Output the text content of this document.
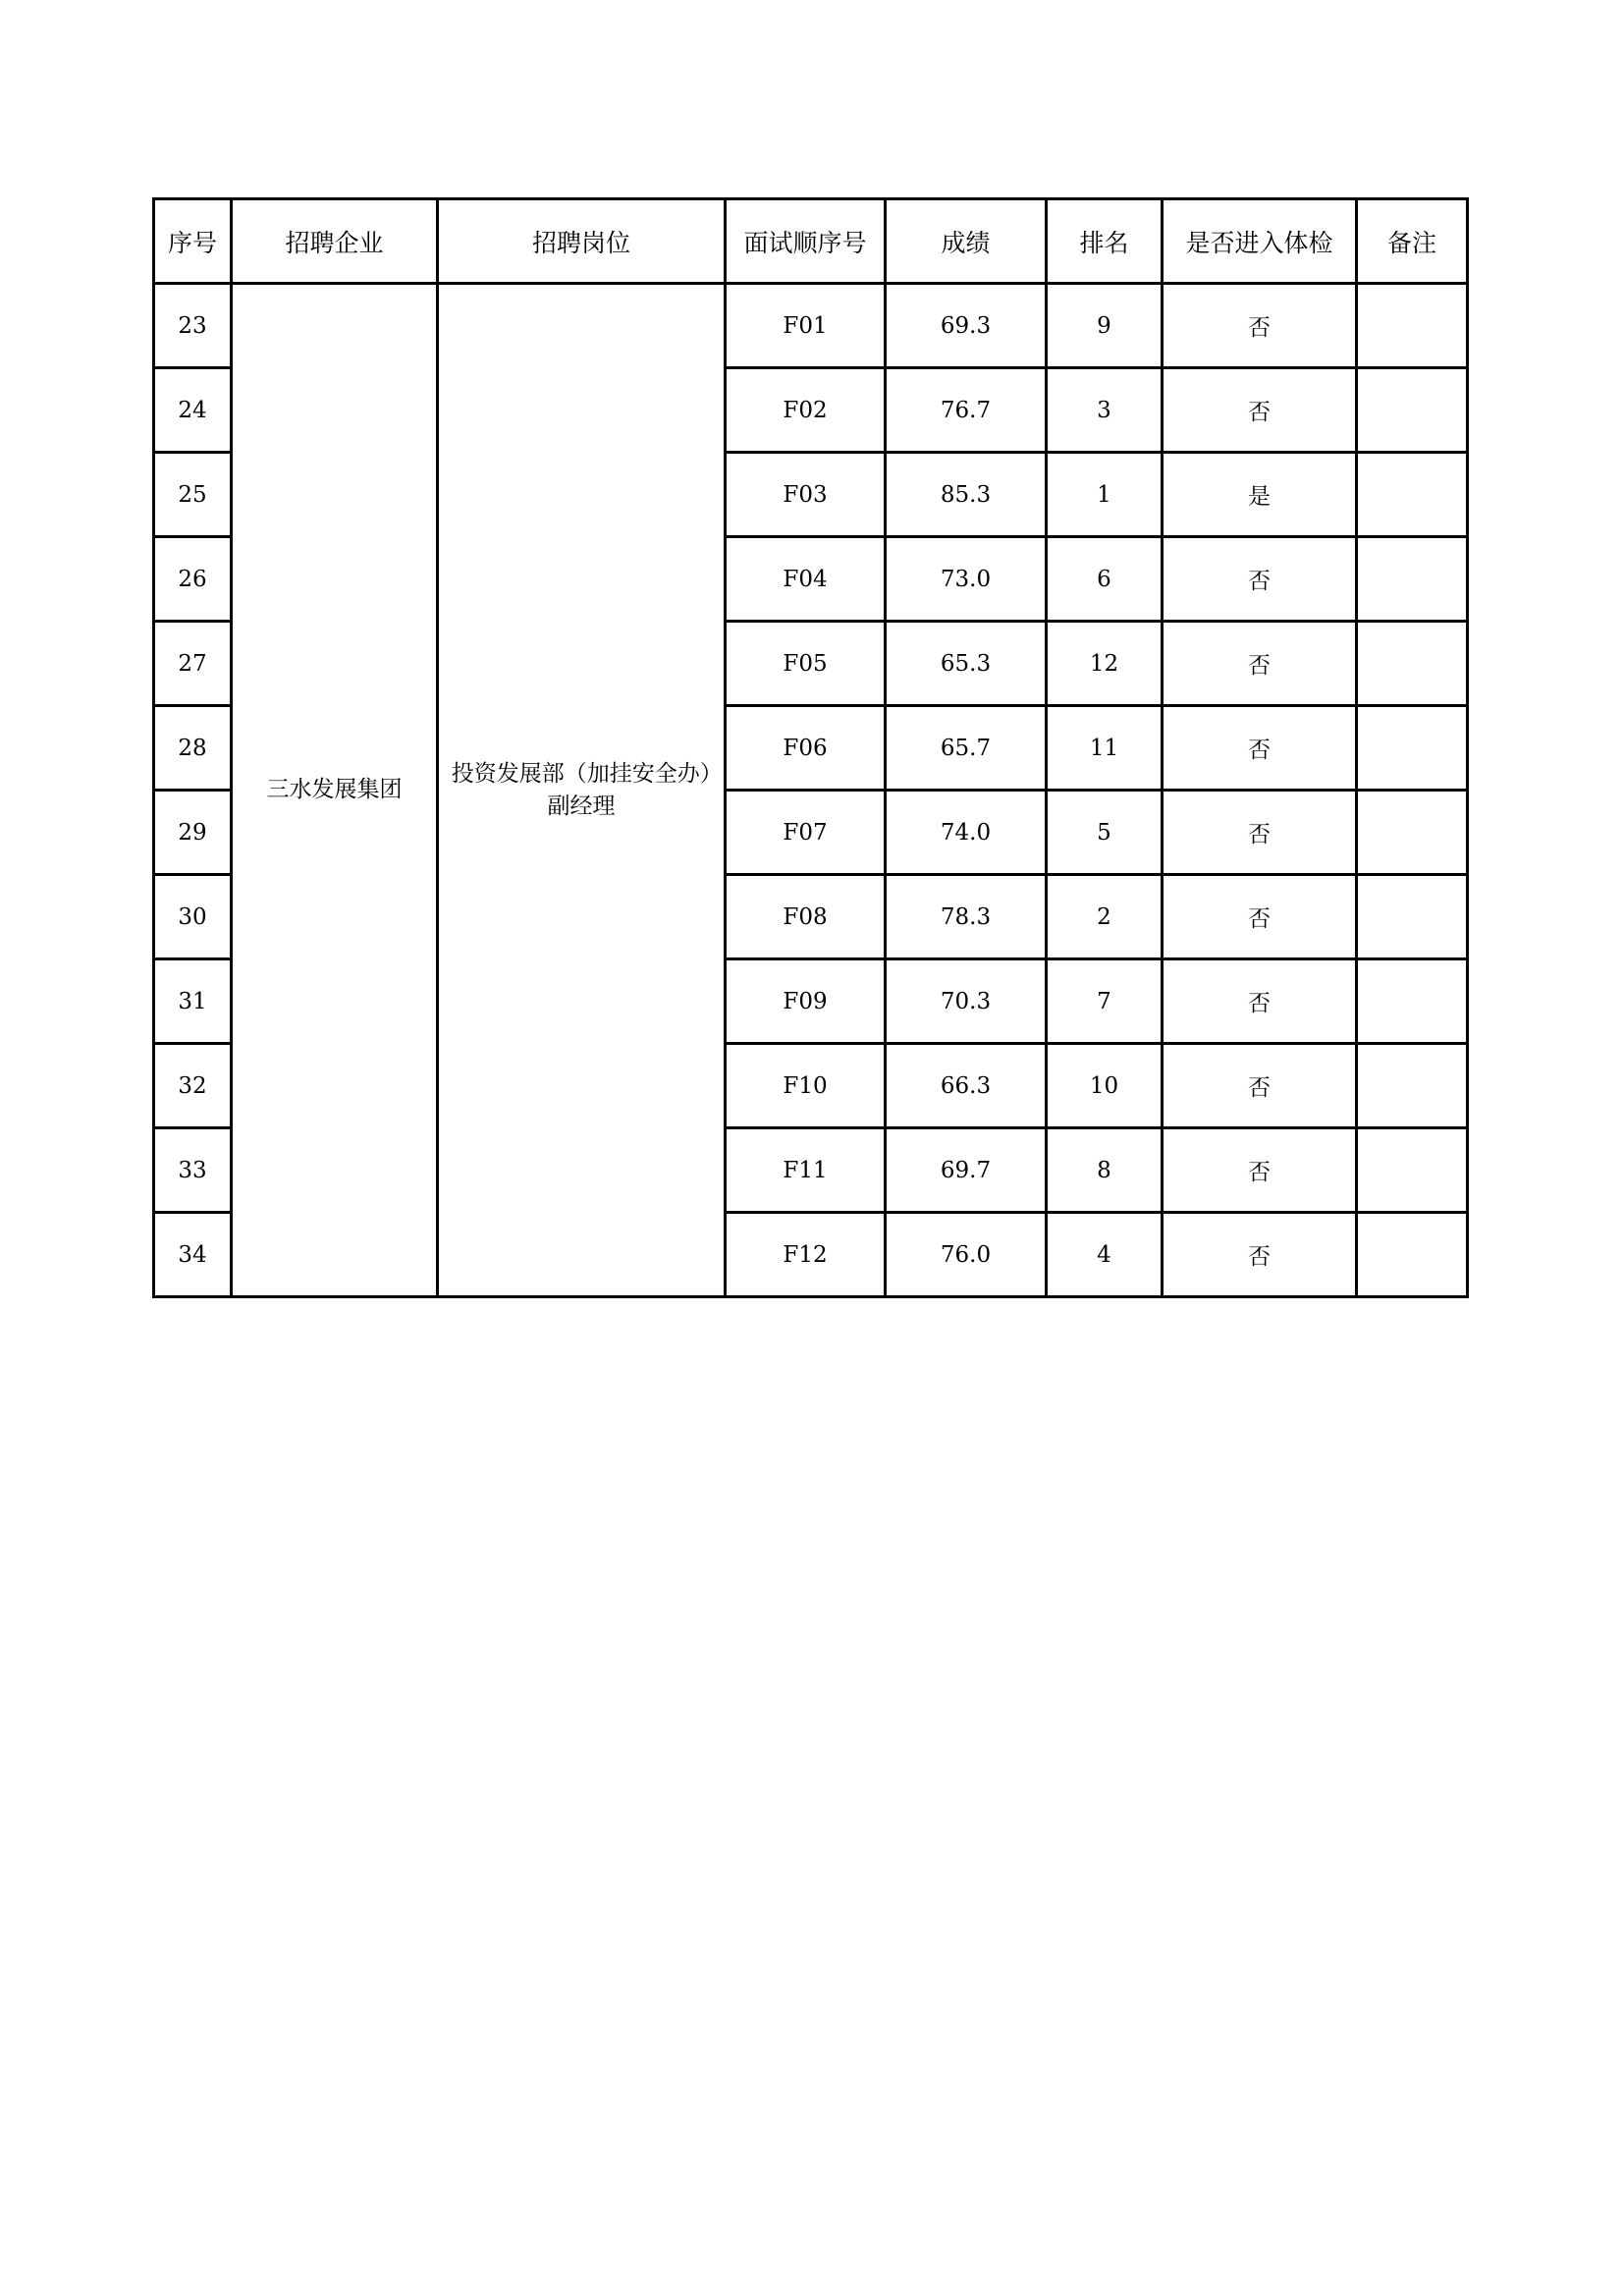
序号	招聘企业	招聘岗位	面试顺序号	成绩	排名	是否进入体检	备注
23	三水发展集团	投资发展部（加挂安全办）副经理	F01	69.3	9	否	
24			F02	76.7	3	否	
25			F03	85.3	1	是	
26			F04	73.0	6	否	
27			F05	65.3	12	否	
28			F06	65.7	11	否	
29			F07	74.0	5	否	
30			F08	78.3	2	否	
31			F09	70.3	7	否	
32			F10	66.3	10	否	
33			F11	69.7	8	否	
34			F12	76.0	4	否	
